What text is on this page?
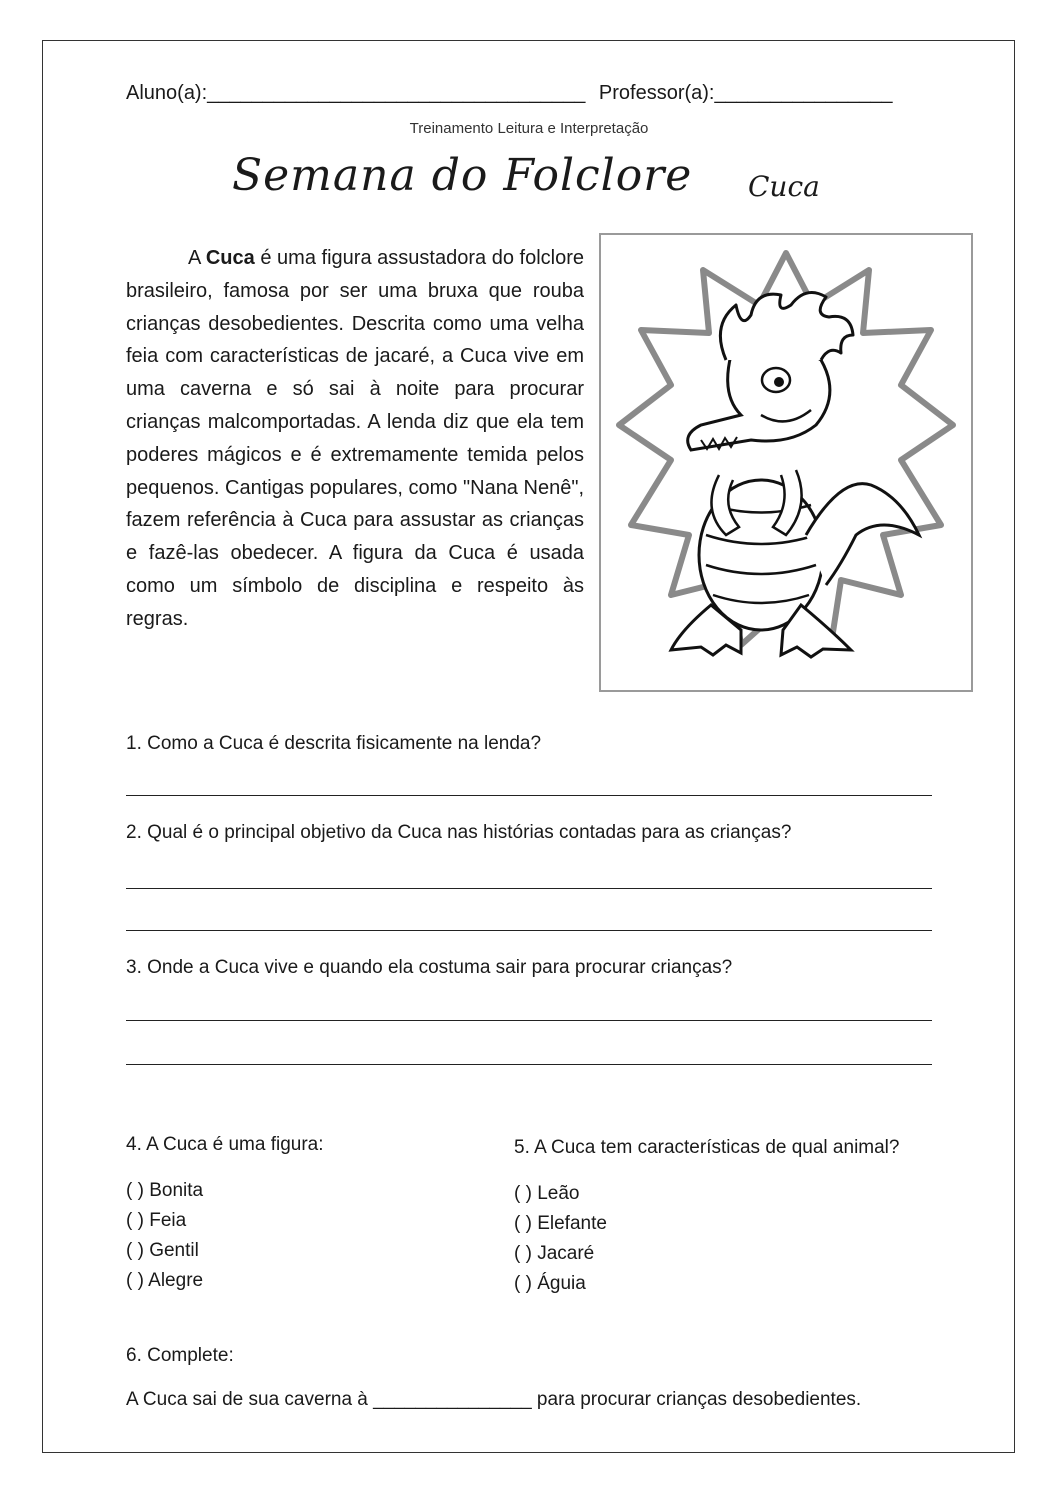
Aluno(a):__________________________________ Professor(a):________________
Treinamento Leitura e Interpretação
Semana do Folclore Cuca
A Cuca é uma figura assustadora do folclore brasileiro, famosa por ser uma bruxa que rouba crianças desobedientes. Descrita como uma velha feia com características de jacaré, a Cuca vive em uma caverna e só sai à noite para procurar crianças malcomportadas. A lenda diz que ela tem poderes mágicos e é extremamente temida pelos pequenos. Cantigas populares, como "Nana Nenê", fazem referência à Cuca para assustar as crianças e fazê-las obedecer. A figura da Cuca é usada como um símbolo de disciplina e respeito às regras.
1. Como a Cuca é descrita fisicamente na lenda?
2. Qual é o principal objetivo da Cuca nas histórias contadas para as crianças?
3. Onde a Cuca vive e quando ela costuma sair para procurar crianças?
4. A Cuca é uma figura:
( ) Bonita
( ) Feia
( ) Gentil
( ) Alegre
5. A Cuca tem características de qual animal?
( ) Leão
( ) Elefante
( ) Jacaré
( ) Águia
6. Complete:
A Cuca sai de sua caverna à _______________ para procurar crianças desobedientes.
